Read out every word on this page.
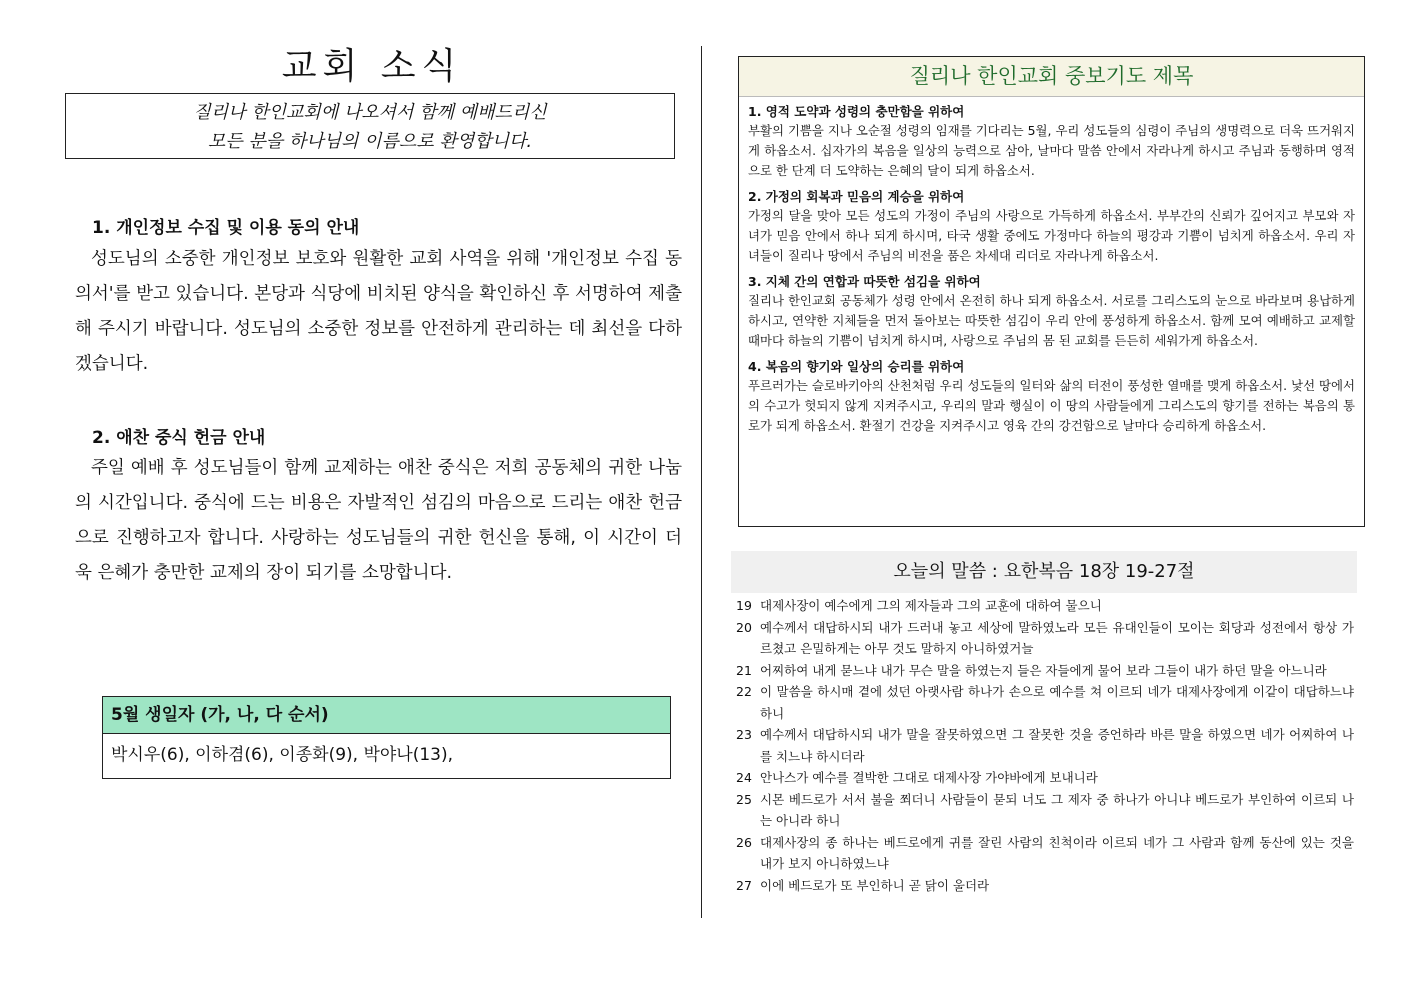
교회 소식
질리나 한인교회에 나오셔서 함께 예배드리신
모든 분을 하나님의 이름으로 환영합니다.
1. 개인정보 수집 및 이용 동의 안내
성도님의 소중한 개인정보 보호와 원활한 교회 사역을 위해 '개인정보 수집 동의서'를 받고 있습니다. 본당과 식당에 비치된 양식을 확인하신 후 서명하여 제출해 주시기 바랍니다. 성도님의 소중한 정보를 안전하게 관리하는 데 최선을 다하겠습니다.
2. 애찬 중식 헌금 안내
주일 예배 후 성도님들이 함께 교제하는 애찬 중식은 저희 공동체의 귀한 나눔의 시간입니다. 중식에 드는 비용은 자발적인 섬김의 마음으로 드리는 애찬 헌금으로 진행하고자 합니다. 사랑하는 성도님들의 귀한 헌신을 통해, 이 시간이 더욱 은혜가 충만한 교제의 장이 되기를 소망합니다.
5월 생일자 (가, 나, 다 순서)
박시우(6), 이하겸(6), 이종화(9), 박야나(13),
질리나 한인교회 중보기도 제목
1. 영적 도약과 성령의 충만함을 위하여
부활의 기쁨을 지나 오순절 성령의 임재를 기다리는 5월, 우리 성도들의 심령이 주님의 생명력으로 더욱 뜨거워지게 하옵소서. 십자가의 복음을 일상의 능력으로 삼아, 날마다 말씀 안에서 자라나게 하시고 주님과 동행하며 영적으로 한 단계 더 도약하는 은혜의 달이 되게 하옵소서.
2. 가정의 회복과 믿음의 계승을 위하여
가정의 달을 맞아 모든 성도의 가정이 주님의 사랑으로 가득하게 하옵소서. 부부간의 신뢰가 깊어지고 부모와 자녀가 믿음 안에서 하나 되게 하시며, 타국 생활 중에도 가정마다 하늘의 평강과 기쁨이 넘치게 하옵소서. 우리 자녀들이 질리나 땅에서 주님의 비전을 품은 차세대 리더로 자라나게 하옵소서.
3. 지체 간의 연합과 따뜻한 섬김을 위하여
질리나 한인교회 공동체가 성령 안에서 온전히 하나 되게 하옵소서. 서로를 그리스도의 눈으로 바라보며 용납하게 하시고, 연약한 지체들을 먼저 돌아보는 따뜻한 섬김이 우리 안에 풍성하게 하옵소서. 함께 모여 예배하고 교제할 때마다 하늘의 기쁨이 넘치게 하시며, 사랑으로 주님의 몸 된 교회를 든든히 세워가게 하옵소서.
4. 복음의 향기와 일상의 승리를 위하여
푸르러가는 슬로바키아의 산천처럼 우리 성도들의 일터와 삶의 터전이 풍성한 열매를 맺게 하옵소서. 낯선 땅에서의 수고가 헛되지 않게 지켜주시고, 우리의 말과 행실이 이 땅의 사람들에게 그리스도의 향기를 전하는 복음의 통로가 되게 하옵소서. 환절기 건강을 지켜주시고 영육 간의 강건함으로 날마다 승리하게 하옵소서.
오늘의 말씀 : 요한복음 18장 19-27절
19 대제사장이 예수에게 그의 제자들과 그의 교훈에 대하여 물으니
20 예수께서 대답하시되 내가 드러내 놓고 세상에 말하였노라 모든 유대인들이 모이는 회당과 성전에서 항상 가르쳤고 은밀하게는 아무 것도 말하지 아니하였거늘
21 어찌하여 내게 묻느냐 내가 무슨 말을 하였는지 들은 자들에게 물어 보라 그들이 내가 하던 말을 아느니라
22 이 말씀을 하시매 곁에 섰던 아랫사람 하나가 손으로 예수를 쳐 이르되 네가 대제사장에게 이같이 대답하느냐 하니
23 예수께서 대답하시되 내가 말을 잘못하였으면 그 잘못한 것을 증언하라 바른 말을 하였으면 네가 어찌하여 나를 치느냐 하시더라
24 안나스가 예수를 결박한 그대로 대제사장 가야바에게 보내니라
25 시몬 베드로가 서서 불을 쬐더니 사람들이 묻되 너도 그 제자 중 하나가 아니냐 베드로가 부인하여 이르되 나는 아니라 하니
26 대제사장의 종 하나는 베드로에게 귀를 잘린 사람의 친척이라 이르되 네가 그 사람과 함께 동산에 있는 것을 내가 보지 아니하였느냐
27 이에 베드로가 또 부인하니 곧 닭이 울더라
